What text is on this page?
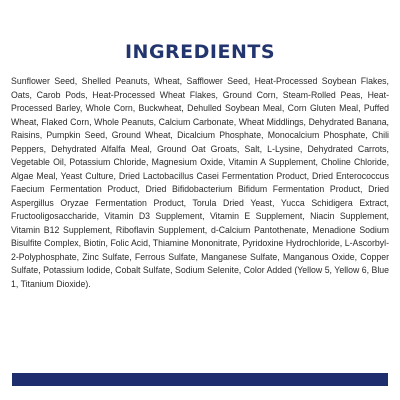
INGREDIENTS

Sunflower Seed, Shelled Peanuts, Wheat, Safflower Seed, Heat-Processed Soybean Flakes, Oats, Carob Pods, Heat-Processed Wheat Flakes, Ground Corn, Steam-Rolled Peas, Heat-Processed Barley, Whole Corn, Buckwheat, Dehulled Soybean Meal, Corn Gluten Meal, Puffed Wheat, Flaked Corn, Whole Peanuts, Calcium Carbonate, Wheat Middlings, Dehydrated Banana, Raisins, Pumpkin Seed, Ground Wheat, Dicalcium Phosphate, Monocalcium Phosphate, Chili Peppers, Dehydrated Alfalfa Meal, Ground Oat Groats, Salt, L-Lysine, Dehydrated Carrots, Vegetable Oil, Potassium Chloride, Magnesium Oxide, Vitamin A Supplement, Choline Chloride, Algae Meal, Yeast Culture, Dried Lactobacillus Casei Fermentation Product, Dried Enterococcus Faecium Fermentation Product, Dried Bifidobacterium Bifidum Fermentation Product, Dried Aspergillus Oryzae Fermentation Product, Torula Dried Yeast, Yucca Schidigera Extract, Fructooligosaccharide, Vitamin D3 Supplement, Vitamin E Supplement, Niacin Supplement, Vitamin B12 Supplement, Riboflavin Supplement, d-Calcium Pantothenate, Menadione Sodium Bisulfite Complex, Biotin, Folic Acid, Thiamine Mononitrate, Pyridoxine Hydrochloride, L-Ascorbyl-2-Polyphosphate, Zinc Sulfate, Ferrous Sulfate, Manganese Sulfate, Manganous Oxide, Copper Sulfate, Potassium Iodide, Cobalt Sulfate, Sodium Selenite, Color Added (Yellow 5, Yellow 6, Blue 1, Titanium Dioxide).
